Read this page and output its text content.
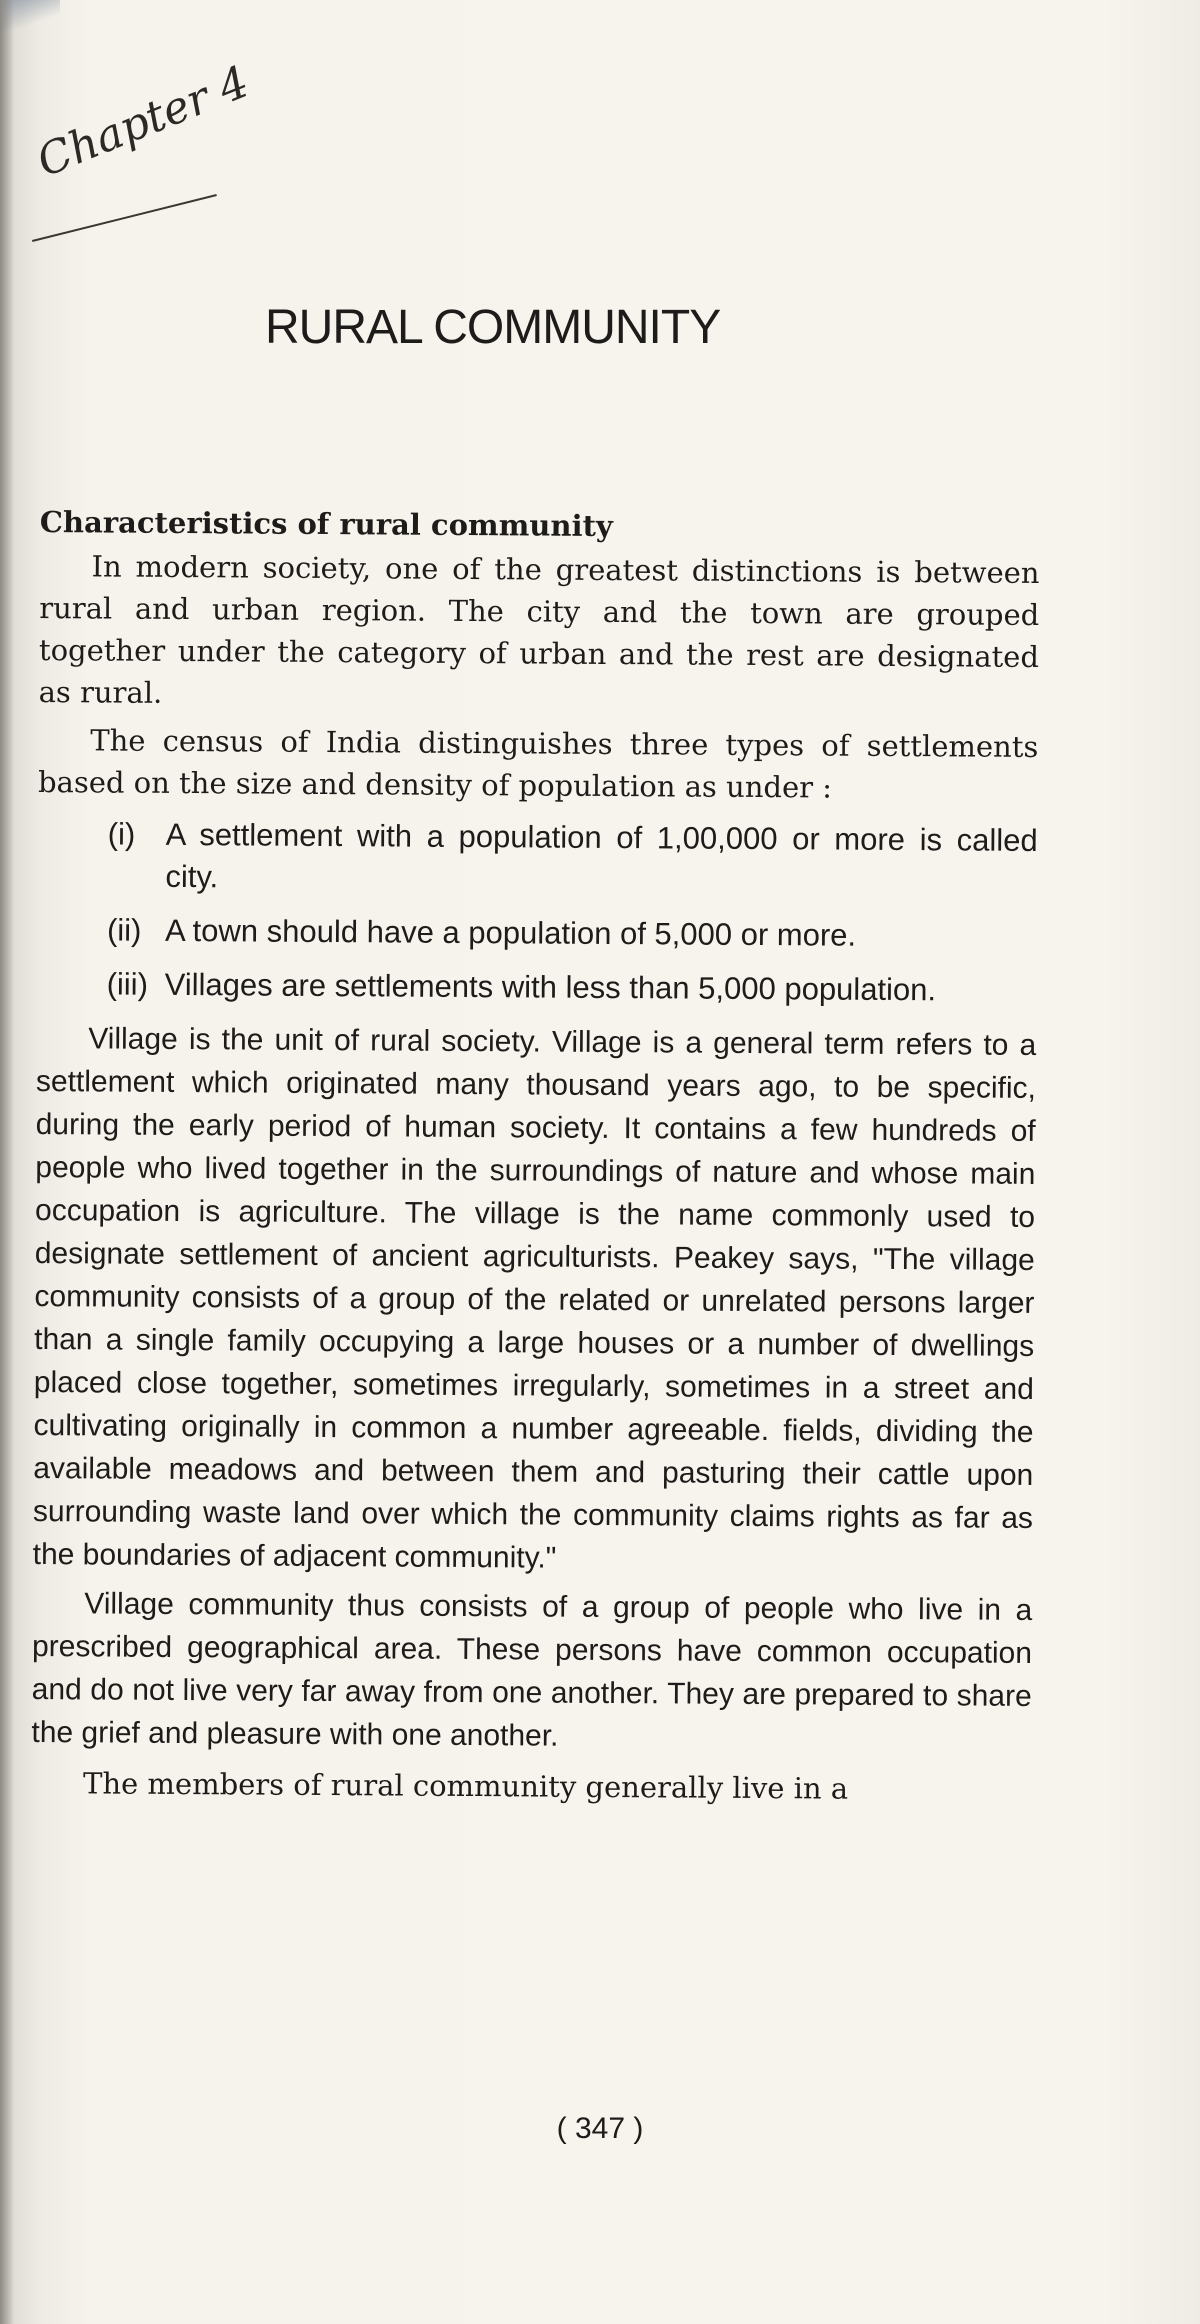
Chapter 4
RURAL COMMUNITY
Characteristics of rural community

In modern society, one of the greatest distinctions is between rural and urban region. The city and the town are grouped together under the category of urban and the rest are designated as rural.

The census of India distinguishes three types of settlements based on the size and density of population as under :

(i) A settlement with a population of 1,00,000 or more is called city.
(ii) A town should have a population of 5,000 or more.
(iii) Villages are settlements with less than 5,000 population.

Village is the unit of rural society. Village is a general term refers to a settlement which originated many thousand years ago, to be specific, during the early period of human society. It contains a few hundreds of people who lived together in the surroundings of nature and whose main occupation is agriculture. The village is the name commonly used to designate settlement of ancient agriculturists. Peakey says, "The village community consists of a group of the related or unrelated persons larger than a single family occupying a large houses or a number of dwellings placed close together, sometimes irregularly, sometimes in a street and cultivating originally in common a number agreeable. fields, dividing the available meadows and between them and pasturing their cattle upon surrounding waste land over which the community claims rights as far as the boundaries of adjacent community."

Village community thus consists of a group of people who live in a prescribed geographical area. These persons have common occupation and do not live very far away from one another. They are prepared to share the grief and pleasure with one another.

The members of rural community generally live in a

( 347 )
